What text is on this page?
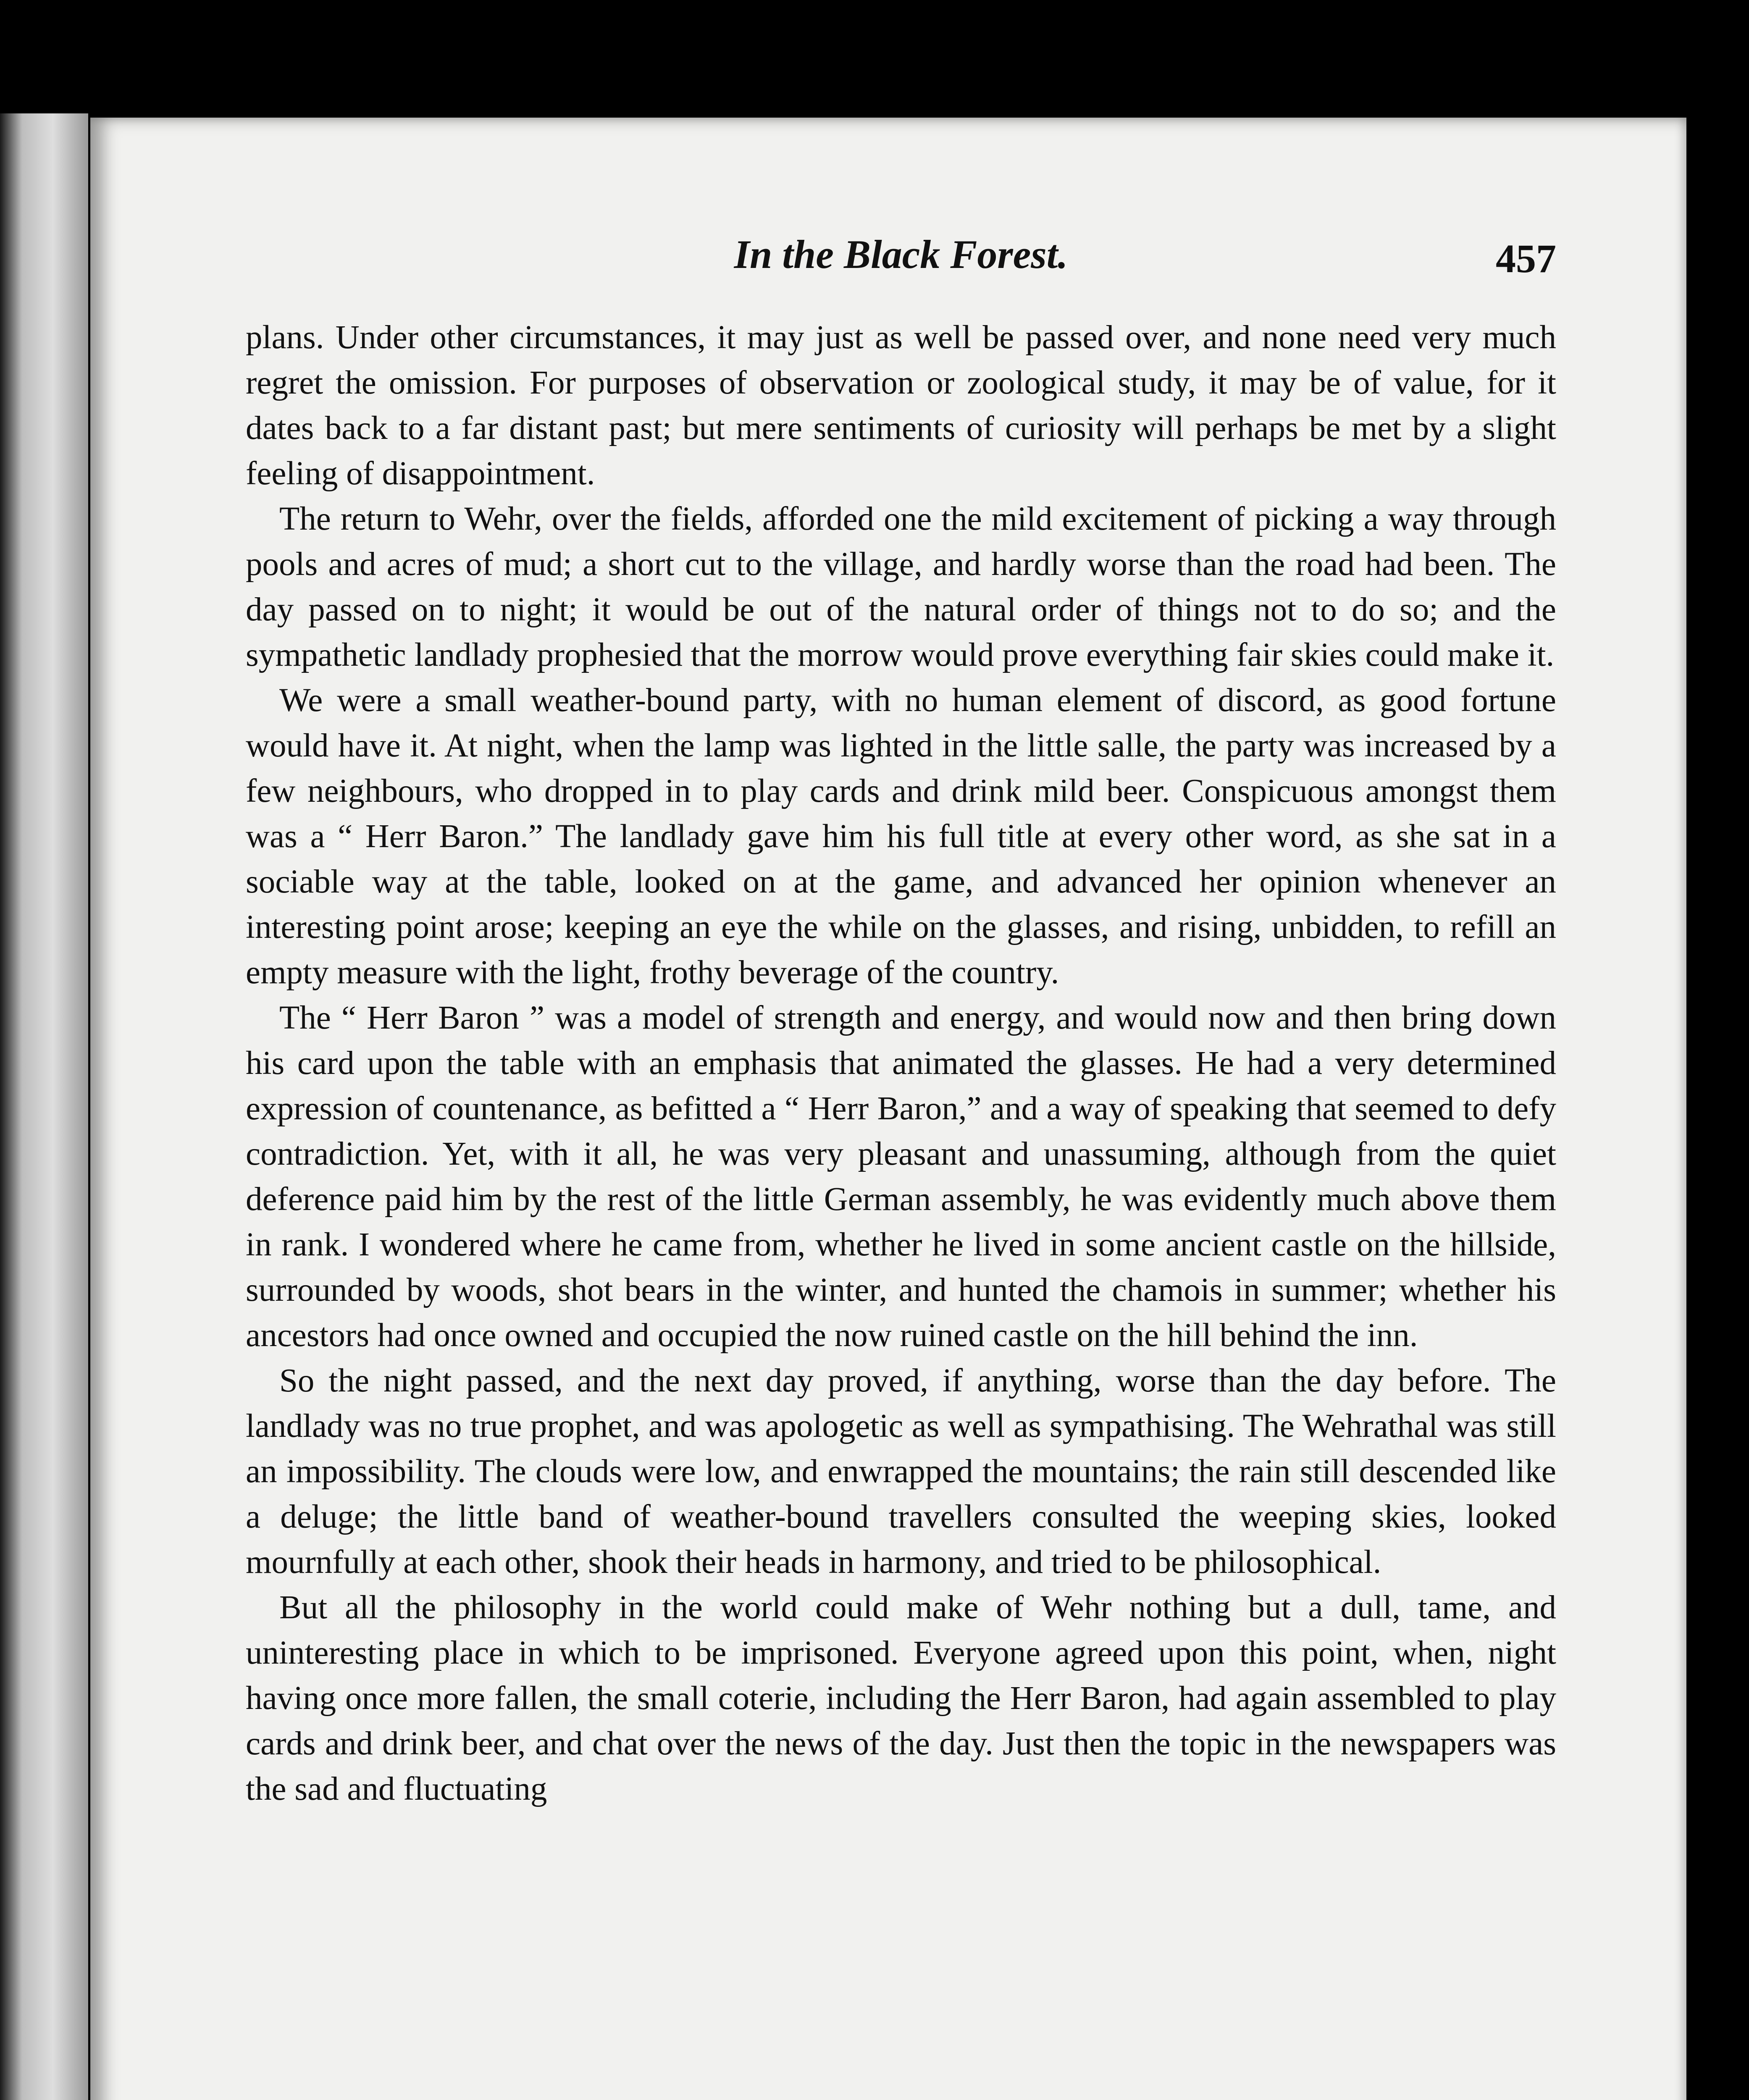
In the Black Forest.	457

plans. Under other circumstances, it may just as well be passed over, and none need very much regret the omission. For purposes of observation or zoological study, it may be of value, for it dates back to a far distant past; but mere sentiments of curiosity will perhaps be met by a slight feeling of disappointment.

The return to Wehr, over the fields, afforded one the mild excitement of picking a way through pools and acres of mud; a short cut to the village, and hardly worse than the road had been. The day passed on to night; it would be out of the natural order of things not to do so; and the sympathetic landlady prophesied that the morrow would prove everything fair skies could make it.

We were a small weather-bound party, with no human element of discord, as good fortune would have it. At night, when the lamp was lighted in the little salle, the party was increased by a few neighbours, who dropped in to play cards and drink mild beer. Conspicuous amongst them was a “ Herr Baron.” The landlady gave him his full title at every other word, as she sat in a sociable way at the table, looked on at the game, and advanced her opinion whenever an interesting point arose; keeping an eye the while on the glasses, and rising, unbidden, to refill an empty measure with the light, frothy beverage of the country.

The “ Herr Baron ” was a model of strength and energy, and would now and then bring down his card upon the table with an emphasis that animated the glasses. He had a very determined expression of countenance, as befitted a “ Herr Baron,” and a way of speaking that seemed to defy contradiction. Yet, with it all, he was very pleasant and unassuming, although from the quiet deference paid him by the rest of the little German assembly, he was evidently much above them in rank. I wondered where he came from, whether he lived in some ancient castle on the hillside, surrounded by woods, shot bears in the winter, and hunted the chamois in summer; whether his ancestors had once owned and occupied the now ruined castle on the hill behind the inn.

So the night passed, and the next day proved, if anything, worse than the day before. The landlady was no true prophet, and was apologetic as well as sympathising. The Wehrathal was still an impossibility. The clouds were low, and enwrapped the mountains; the rain still descended like a deluge; the little band of weather-bound travellers consulted the weeping skies, looked mournfully at each other, shook their heads in harmony, and tried to be philosophical.

But all the philosophy in the world could make of Wehr nothing but a dull, tame, and uninteresting place in which to be imprisoned. Everyone agreed upon this point, when, night having once more fallen, the small coterie, including the Herr Baron, had again assembled to play cards and drink beer, and chat over the news of the day. Just then the topic in the newspapers was the sad and fluctuating
